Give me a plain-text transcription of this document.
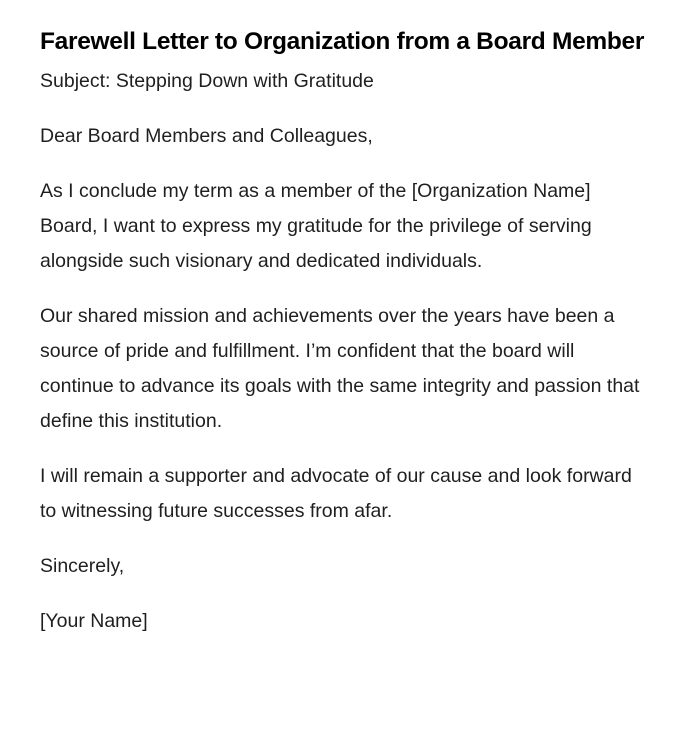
Farewell Letter to Organization from a Board Member

Subject: Stepping Down with Gratitude

Dear Board Members and Colleagues,

As I conclude my term as a member of the [Organization Name] Board, I want to express my gratitude for the privilege of serving alongside such visionary and dedicated individuals.

Our shared mission and achievements over the years have been a source of pride and fulfillment. I’m confident that the board will continue to advance its goals with the same integrity and passion that define this institution.

I will remain a supporter and advocate of our cause and look forward to witnessing future successes from afar.

Sincerely,

[Your Name]
